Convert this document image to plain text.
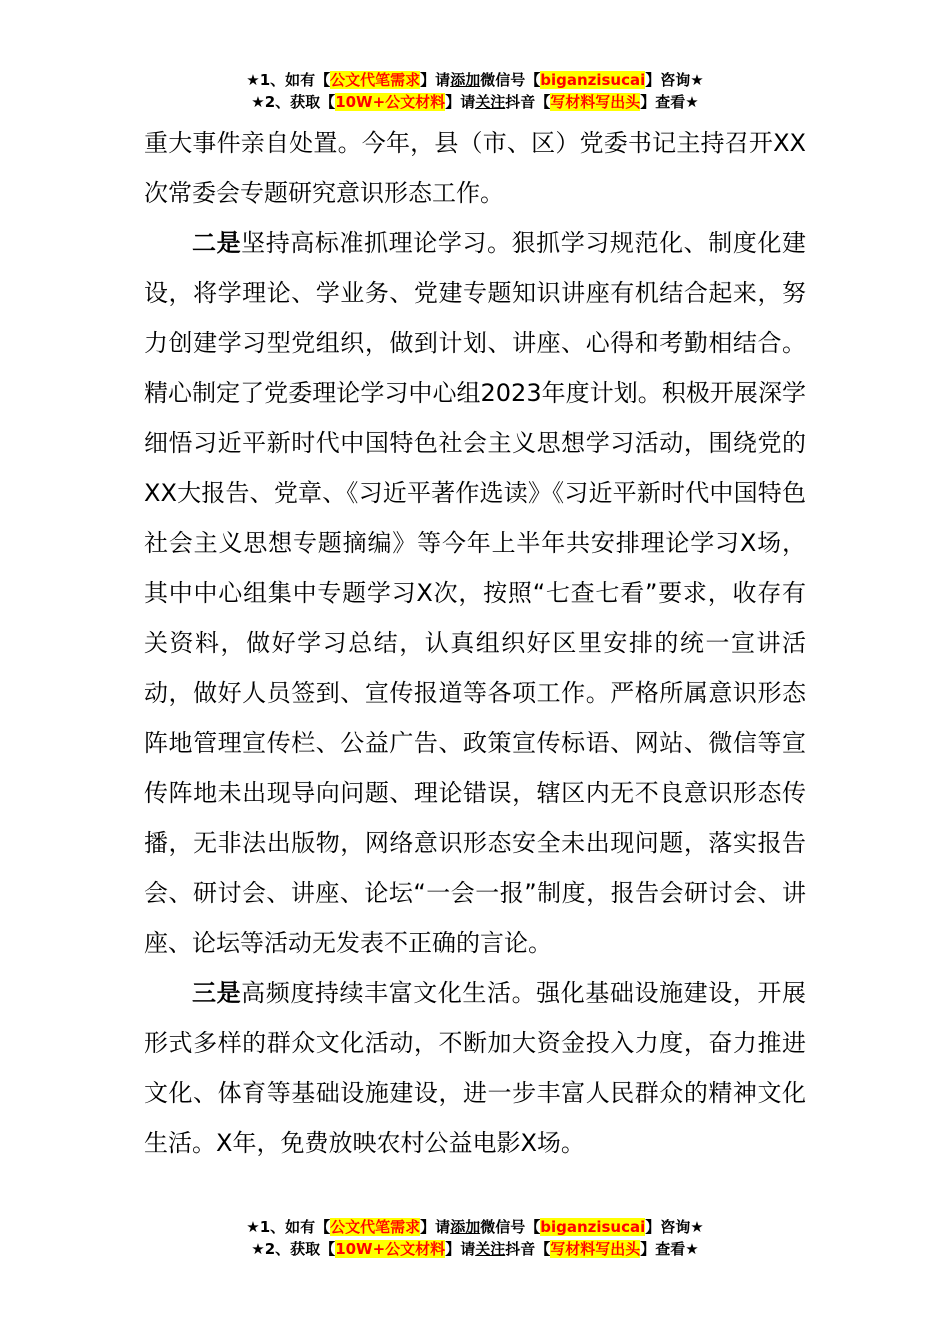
★1、如有【公文代笔需求】请添加微信号【biganzisucai】咨询★
★2、获取【10W+公文材料】请关注抖音【写材料写出头】查看★

重大事件亲自处置。今年，县（市、区）党委书记主持召开XX次常委会专题研究意识形态工作。

二是坚持高标准抓理论学习。狠抓学习规范化、制度化建设，将学理论、学业务、党建专题知识讲座有机结合起来，努力创建学习型党组织，做到计划、讲座、心得和考勤相结合。精心制定了党委理论学习中心组2023年度计划。积极开展深学细悟习近平新时代中国特色社会主义思想学习活动，围绕党的XX大报告、党章、《习近平著作选读》《习近平新时代中国特色社会主义思想专题摘编》等今年上半年共安排理论学习X场，其中中心组集中专题学习X次，按照“七查七看”要求，收存有关资料，做好学习总结，认真组织好区里安排的统一宣讲活动，做好人员签到、宣传报道等各项工作。严格所属意识形态阵地管理宣传栏、公益广告、政策宣传标语、网站、微信等宣传阵地未出现导向问题、理论错误，辖区内无不良意识形态传播，无非法出版物，网络意识形态安全未出现问题，落实报告会、研讨会、讲座、论坛“一会一报”制度，报告会研讨会、讲座、论坛等活动无发表不正确的言论。

三是高频度持续丰富文化生活。强化基础设施建设，开展形式多样的群众文化活动，不断加大资金投入力度，奋力推进文化、体育等基础设施建设，进一步丰富人民群众的精神文化生活。X年，免费放映农村公益电影X场。

★1、如有【公文代笔需求】请添加微信号【biganzisucai】咨询★
★2、获取【10W+公文材料】请关注抖音【写材料写出头】查看★
